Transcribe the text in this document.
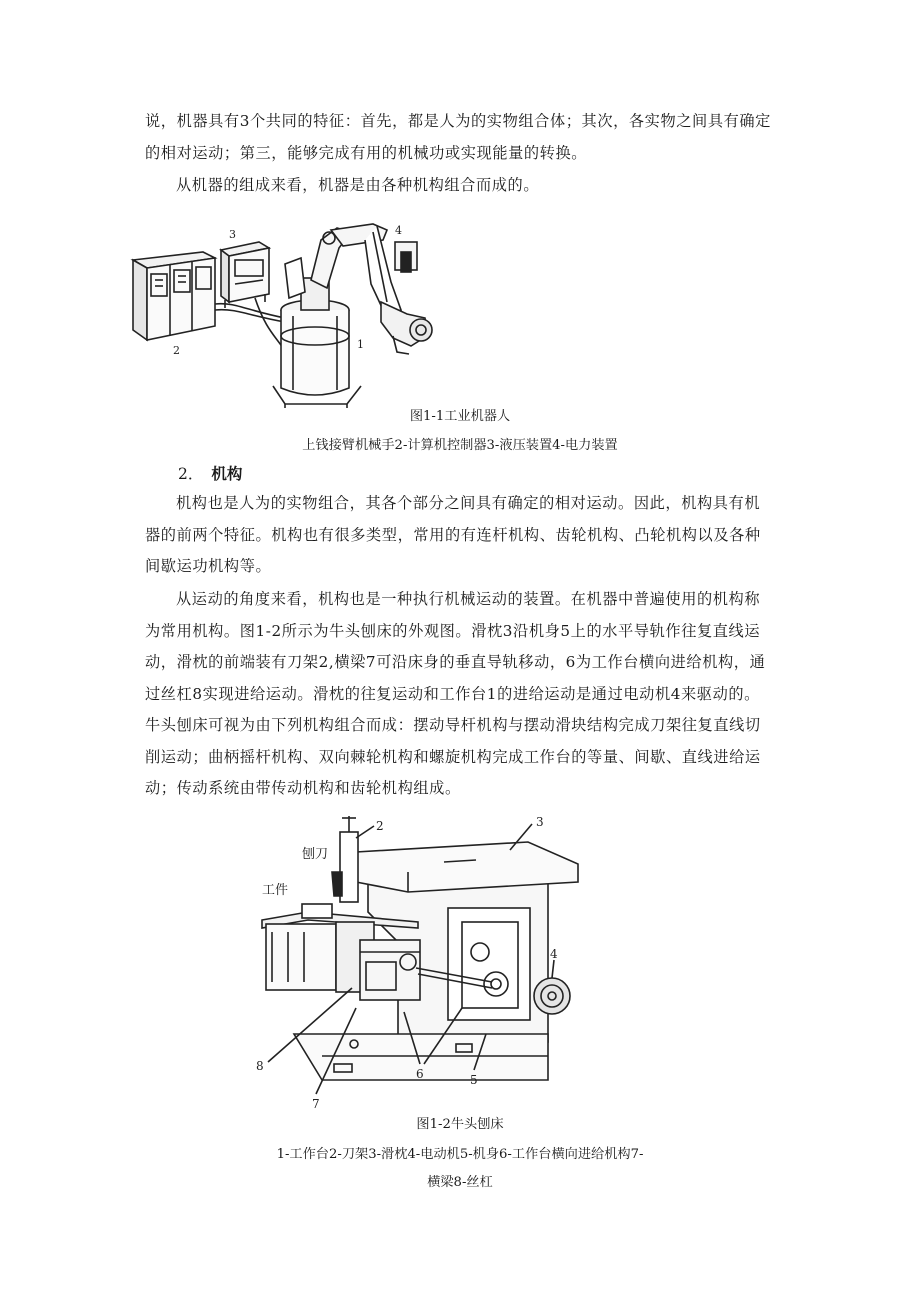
说，机器具有3个共同的特征：首先，都是人为的实物组合体；其次，各实物之间具有确定的相对运动；第三，能够完成有用的机械功或实现能量的转换。

从机器的组成来看，机器是由各种机构组合而成的。

3	4
2	1

图1-1工业机器人

上钱接臂机械手2-计算机控制器3-液压装置4-电力装置

2． 机构

机构也是人为的实物组合，其各个部分之间具有确定的相对运动。因此，机构具有机器的前两个特征。机构也有很多类型，常用的有连杆机构、齿轮机构、凸轮机构以及各种间歇运功机构等。

从运动的角度来看，机构也是一种执行机械运动的装置。在机器中普遍使用的机构称为常用机构。图1-2所示为牛头刨床的外观图。滑枕3沿机身5上的水平导轨作往复直线运动，滑枕的前端装有刀架2,横梁7可沿床身的垂直导轨移动，6为工作台横向进给机构，通过丝杠8实现进给运动。滑枕的往复运动和工作台1的进给运动是通过电动机4来驱动的。牛头刨床可视为由下列机构组合而成：摆动导杆机构与摆动滑块结构完成刀架往复直线切削运动；曲柄摇杆机构、双向棘轮机构和螺旋机构完成工作台的等量、间歇、直线进给运动；传动系统由带传动机构和齿轮机构组成。

2	3
4
5
6
7
8
刨刀
工件

图1-2牛头刨床

1-工作台2-刀架3-滑枕4-电动机5-机身6-工作台横向进给机构7-

横梁8-丝杠
